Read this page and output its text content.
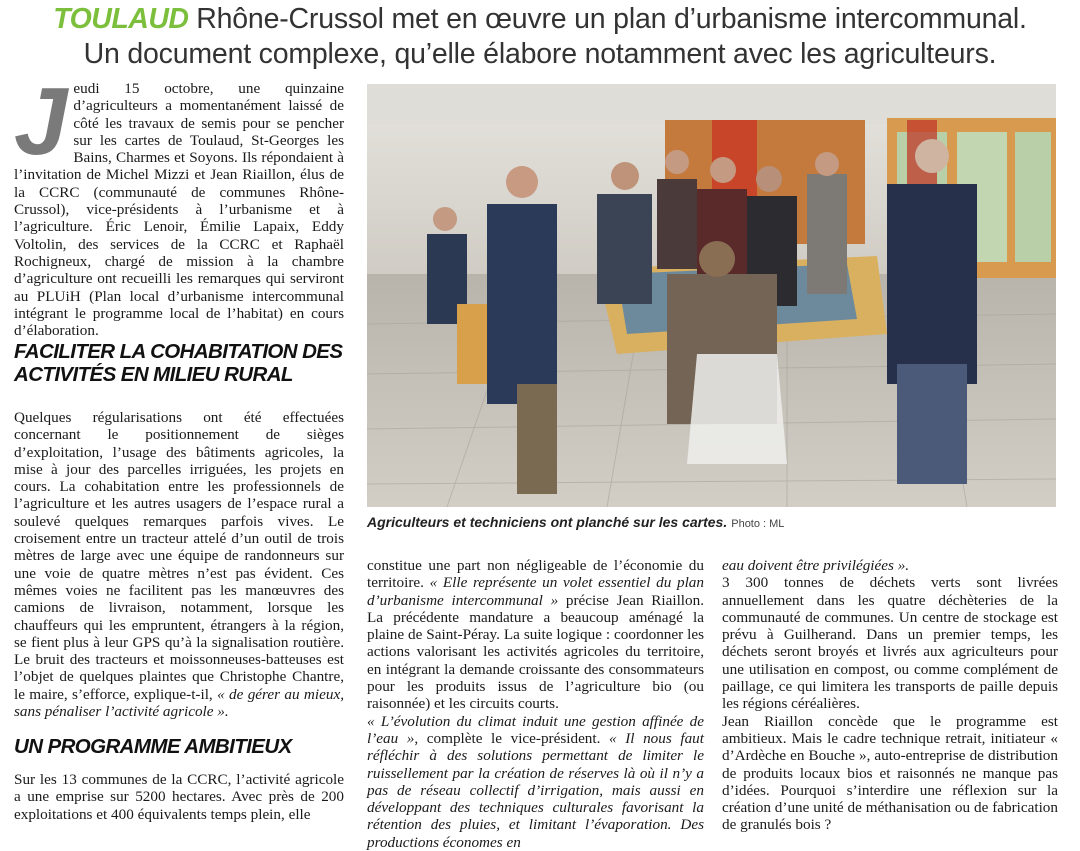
TOULAUD Rhône-Crussol met en œuvre un plan d’urbanisme intercommunal.
Un document complexe, qu’elle élabore notamment avec les agriculteurs.
J eudi 15 octobre, une quinzaine d’agriculteurs a momentanément laissé de côté les travaux de semis pour se pencher sur les cartes de Toulaud, St-Georges les Bains, Charmes et Soyons. Ils répondaient à l’invitation de Michel Mizzi et Jean Riaillon, élus de la CCRC (communauté de communes Rhône-Crussol), vice-présidents à l’urbanisme et à l’agriculture. Éric Lenoir, Émilie Lapaix, Eddy Voltolin, des services de la CCRC et Raphaël Rochigneux, chargé de mission à la chambre d’agriculture ont recueilli les remarques qui serviront au PLUiH (Plan local d’urbanisme intercommunal intégrant le programme local de l’habitat) en cours d’élaboration.

FACILITER LA COHABITATION DES ACTIVITÉS EN MILIEU RURAL

Quelques régularisations ont été effectuées concernant le positionnement de sièges d’exploitation, l’usage des bâtiments agricoles, la mise à jour des parcelles irriguées, les projets en cours. La cohabitation entre les professionnels de l’agriculture et les autres usagers de l’espace rural a soulevé quelques remarques parfois vives. Le croisement entre un tracteur attelé d’un outil de trois mètres de large avec une équipe de randonneurs sur une voie de quatre mètres n’est pas évident. Ces mêmes voies ne facilitent pas les manœuvres des camions de livraison, notamment, lorsque les chauffeurs qui les empruntent, étrangers à la région, se fient plus à leur GPS qu’à la signalisation routière. Le bruit des tracteurs et moissonneuses-batteuses est l’objet de quelques plaintes que Christophe Chantre, le maire, s’efforce, explique-t-il, « de gérer au mieux, sans pénaliser l’activité agricole ».

UN PROGRAMME AMBITIEUX

Sur les 13 communes de la CCRC, l’activité agricole a une emprise sur 5200 hectares. Avec près de 200 exploitations et 400 équivalents temps plein, elle

Agriculteurs et techniciens ont planché sur les cartes. Photo : ML

constitue une part non négligeable de l’économie du territoire. « Elle représente un volet essentiel du plan d’urbanisme intercommunal » précise Jean Riaillon. La précédente mandature a beaucoup aménagé la plaine de Saint-Péray. La suite logique : coordonner les actions valorisant les activités agricoles du territoire, en intégrant la demande croissante des consommateurs pour les produits issus de l’agriculture bio (ou raisonnée) et les circuits courts.

« L’évolution du climat induit une gestion affinée de l’eau », complète le vice-président. « Il nous faut réfléchir à des solutions permettant de limiter le ruissellement par la création de réserves là où il n’y a pas de réseau collectif d’irrigation, mais aussi en développant des techniques culturales favorisant la rétention des pluies, et limitant l’évaporation. Des productions économes en

eau doivent être privilégiées ».

3 300 tonnes de déchets verts sont livrées annuellement dans les quatre déchèteries de la communauté de communes. Un centre de stockage est prévu à Guilherand. Dans un premier temps, les déchets seront broyés et livrés aux agriculteurs pour une utilisation en compost, ou comme complément de paillage, ce qui limitera les transports de paille depuis les régions céréalières.

Jean Riaillon concède que le programme est ambitieux. Mais le cadre technique retrait, initiateur « d’Ardèche en Bouche », auto-entreprise de distribution de produits locaux bios et raisonnés ne manque pas d’idées. Pourquoi s’interdire une réflexion sur la création d’une unité de méthanisation ou de fabrication de granulés bois ?
